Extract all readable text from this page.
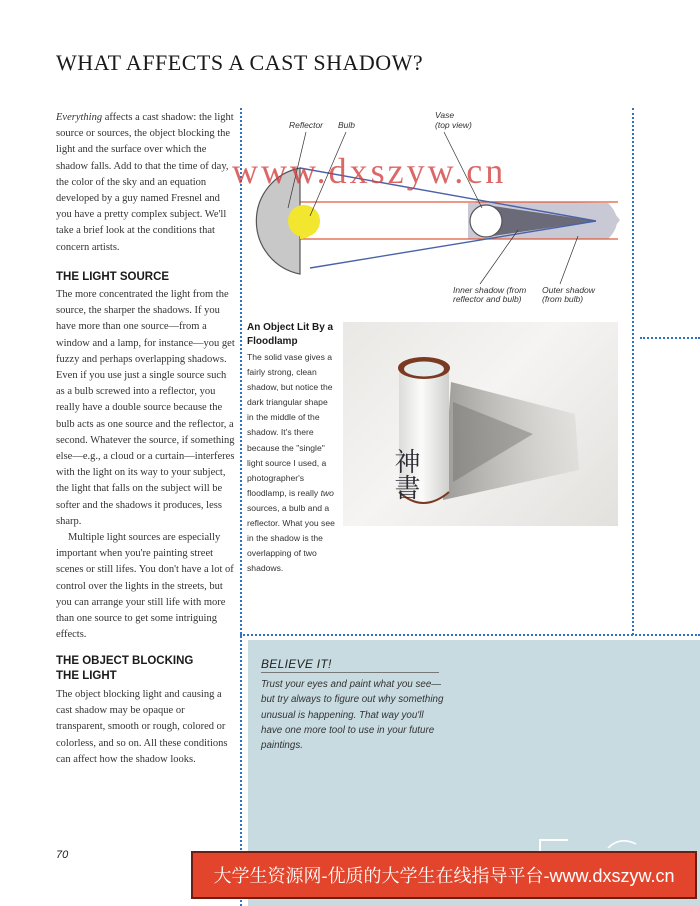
WHAT AFFECTS A CAST SHADOW?

Everything affects a cast shadow: the light source or sources, the object blocking the light and the surface over which the shadow falls. Add to that the time of day, the color of the sky and an equation developed by a guy named Fresnel and you have a pretty complex subject. We'll take a brief look at the conditions that concern artists.

THE LIGHT SOURCE

The more concentrated the light from the source, the sharper the shadows. If you have more than one source—from a window and a lamp, for instance—you get fuzzy and perhaps overlapping shadows. Even if you use just a single source such as a bulb screwed into a reflector, you really have a double source because the bulb acts as one source and the reflector, a second. Whatever the source, if something else—e.g., a cloud or a curtain—interferes with the light on its way to your subject, the light that falls on the subject will be softer and the shadows it produces, less sharp.

Multiple light sources are especially important when you're painting street scenes or still lifes. You don't have a lot of control over the lights in the streets, but you can arrange your still life with more than one source to get some intriguing effects.

THE OBJECT BLOCKING
THE LIGHT

The object blocking light and causing a cast shadow may be opaque or transparent, smooth or rough, colored or colorless, and so on. All these conditions can affect how the shadow looks.

Reflector Bulb
Vase
(top view)
Inner shadow (from
reflector and bulb)
Outer shadow
(from bulb)
An Object Lit By a Floodlamp
The solid vase gives a fairly strong, clean shadow, but notice the dark triangular shape in the middle of the shadow. It's there because the "single" light source I used, a photographer's floodlamp, is really two sources, a bulb and a reflector. What you see in the shadow is the overlapping of two shadows.
神書
BELIEVE IT!
Trust your eyes and paint what you see—but try always to figure out why something unusual is happening. That way you'll have one more tool to use in your future paintings.
70
www.dxszyw.cn
大学生资源网-优质的大学生在线指导平台-www.dxszyw.cn
